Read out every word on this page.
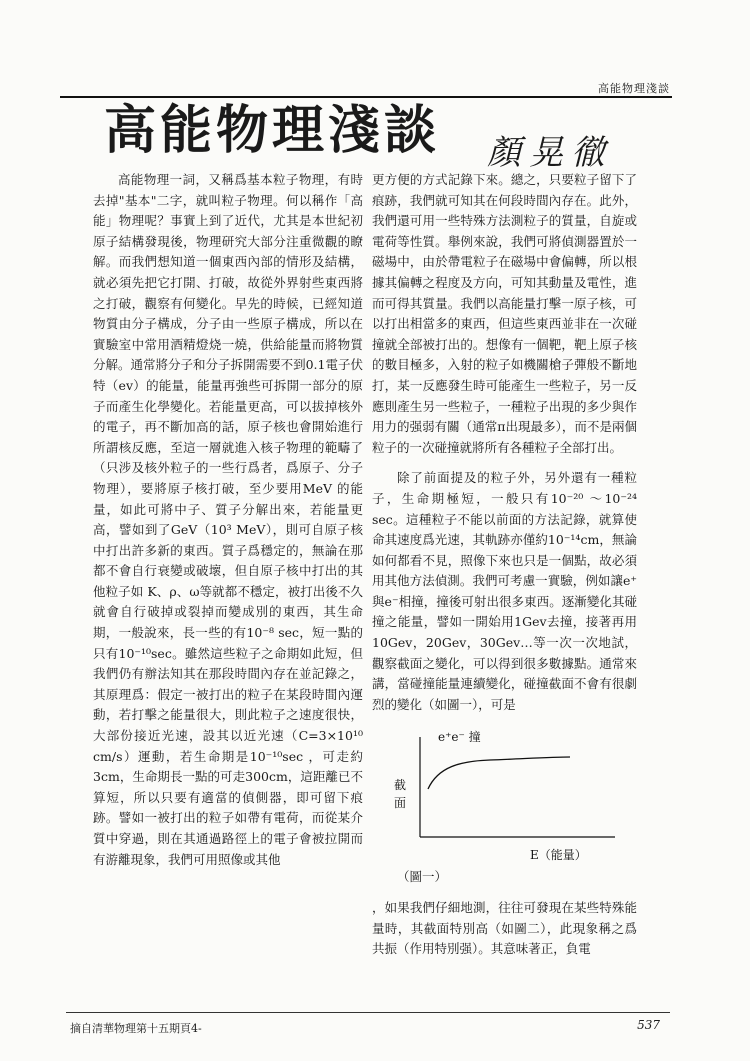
高能物理淺談
高能物理淺談 顏晃徹

高能物理一詞，又稱爲基本粒子物理，有時去掉"基本"二字，就叫粒子物理。何以稱作「高能」物理呢？事實上到了近代，尤其是本世紀初原子結構發現後，物理研究大部分注重微觀的瞭解。而我們想知道一個東西內部的情形及結構，就必須先把它打開、打破，故從外界射些東西將之打破，觀察有何變化。早先的時候，已經知道物質由分子構成，分子由一些原子構成，所以在實驗室中常用酒精燈烧一燒，供給能量而將物質分解。通常將分子和分子拆開需要不到0.1電子伏特（ev）的能量，能量再強些可拆開一部分的原子而產生化學變化。若能量更高，可以拔掉核外的電子，再不斷加高的話，原子核也會開始進行所謂核反應，至這一層就進入核子物理的範疇了（只涉及核外粒子的一些行爲者，爲原子、分子物理），要將原子核打破，至少要用MeV 的能量，如此可將中子、質子分解出來，若能量更高，譬如到了GeV（10³ MeV），則可自原子核中打出許多新的東西。質子爲穩定的，無論在那都不會自行衰變或破壞，但自原子核中打出的其他粒子如 K、ρ、ω等就都不穩定，被打出後不久就會自行破掉或裂掉而變成別的東西，其生命期，一般說來，長一些的有10⁻⁸ sec，短一點的只有10⁻¹⁰sec。雖然這些粒子之命期如此短，但我們仍有辦法知其在那段時間內存在並記錄之，其原理爲：假定一被打出的粒子在某段時間內運動，若打擊之能量很大，則此粒子之速度很快，大部份接近光速，設其以近光速（C=3×10¹⁰ cm/s）運動，若生命期是10⁻¹⁰sec ，可走約3cm，生命期長一點的可走300cm，這距離已不算短，所以只要有適當的偵側器，即可留下痕跡。譬如一被打出的粒子如帶有電荷，而從某介質中穿過，則在其通過路徑上的電子會被拉開而有游離現象，我們可用照像或其他

更方便的方式記錄下來。總之，只要粒子留下了痕跡，我們就可知其在何段時間內存在。此外，我們還可用一些特殊方法測粒子的質量，自旋或電荷等性質。舉例來說，我們可將偵測器置於一磁場中，由於帶電粒子在磁場中會偏轉，所以根據其偏轉之程度及方向，可知其動量及電性，進而可得其質量。我們以高能量打擊一原子核，可以打出相當多的東西，但這些東西並非在一次碰撞就全部被打出的。想像有一個靶，靶上原子核的數目極多，入射的粒子如機關槍子彈般不斷地打，某一反應發生時可能產生一些粒子，另一反應則產生另一些粒子，一種粒子出現的多少與作用力的强弱有關（通常π出現最多），而不是兩個粒子的一次碰撞就將所有各種粒子全部打出。

除了前面提及的粒子外，另外還有一種粒子，生命期極短，一般只有10⁻²⁰ ～10⁻²⁴ sec。這種粒子不能以前面的方法記錄，就算使命其速度爲光速，其軌跡亦僅約10⁻¹⁴cm，無論如何都看不見，照像下來也只是一個點，故必須用其他方法偵測。我們可考慮一實驗，例如讓e⁺與e⁻相撞，撞後可射出很多東西。逐漸變化其碰撞之能量，譬如一開始用1Gev去撞，接著再用10Gev，20Gev，30Gev…等一次一次地試，觀察截面之變化，可以得到很多數據點。通常來講，當碰撞能量連續變化，碰撞截面不會有很劇烈的變化（如圖一），可是

e⁺e⁻ 撞
截
面
E（能量）

（圖一）

，如果我們仔細地測，往往可發現在某些特殊能量時，其截面特別高（如圖二），此現象稱之爲共振（作用特別强）。其意味著正，負電

摘自清華物理第十五期頁4-	537
